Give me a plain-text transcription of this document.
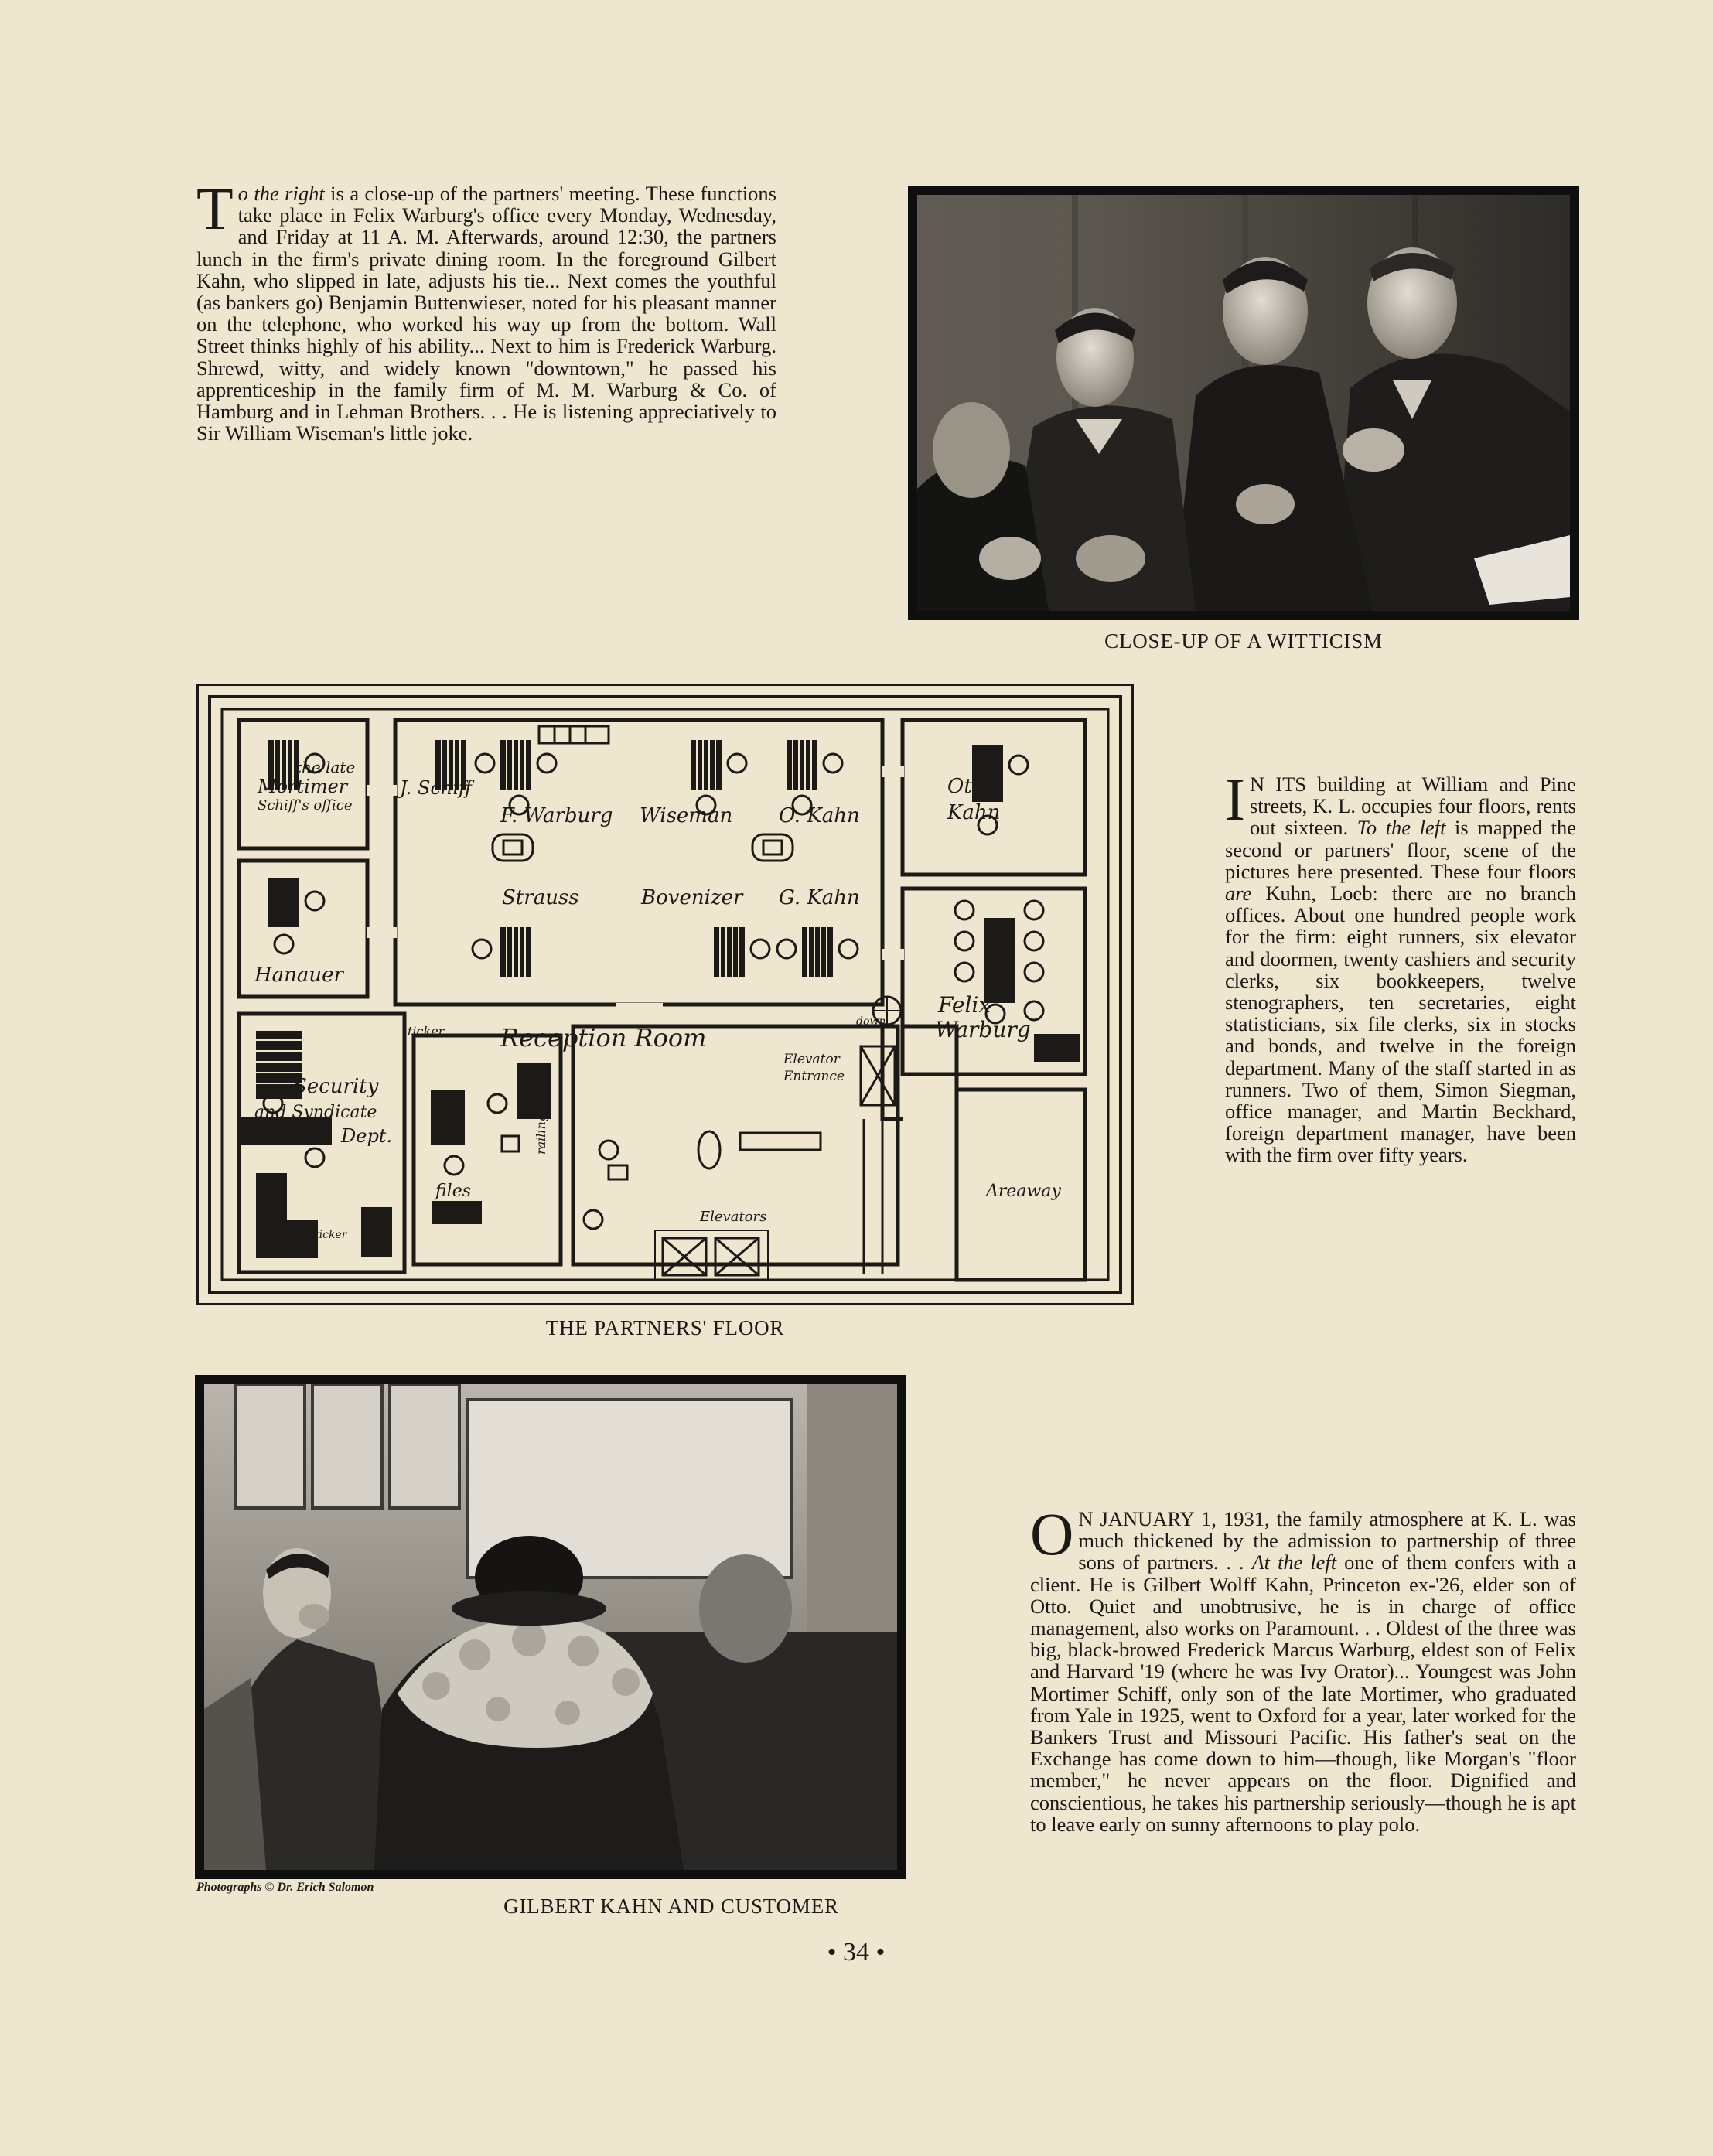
To the right is a close-up of the partners' meeting. These functions take place in Felix Warburg's office every Monday, Wednesday, and Friday at 11 A. M. Afterwards, around 12:30, the partners lunch in the firm's private dining room. In the foreground Gilbert Kahn, who slipped in late, adjusts his tie... Next comes the youthful (as bankers go) Benjamin Buttenwieser, noted for his pleasant manner on the telephone, who worked his way up from the bottom. Wall Street thinks highly of his ability... Next to him is Frederick Warburg. Shrewd, witty, and widely known "downtown," he passed his apprenticeship in the family firm of M. M. Warburg & Co. of Hamburg and in Lehman Brothers. . . He is listening appreciatively to Sir William Wiseman's little joke.

CLOSE-UP OF A WITTICISM
the late
Mortimer
Schiff's office
J. Schiff
F. Warburg Wiseman O. Kahn
Otto
Kahn
Strauss	Bovenizer G. Kahn
Hanauer
ticker Reception Room
down
Felix
Warburg
Elevator
Entrance
Security
and Syndicate
Dept.	railing
files
Elevators
Areaway
ticker
THE PARTNERS' FLOOR

I N ITS building at William and Pine streets, K. L. occupies four floors, rents out sixteen. To the left is mapped the second or partners' floor, scene of the pictures here presented. These four floors are Kuhn, Loeb: there are no branch offices. About one hundred people work for the firm: eight runners, six elevator and doormen, twenty cashiers and security clerks, six bookkeepers, twelve stenographers, ten secretaries, eight statisticians, six file clerks, six in stocks and bonds, and twelve in the foreign department. Many of the staff started in as runners. Two of them, Simon Siegman, office manager, and Martin Beckhard, foreign department manager, have been with the firm over fifty years.

Photographs © Dr. Erich Salomon
GILBERT KAHN AND CUSTOMER

O N JANUARY 1, 1931, the family atmosphere at K. L. was much thickened by the admission to partnership of three sons of partners. . . At the left one of them confers with a client. He is Gilbert Wolff Kahn, Princeton ex-'26, elder son of Otto. Quiet and unobtrusive, he is in charge of office management, also works on Paramount. . . Oldest of the three was big, black-browed Frederick Marcus Warburg, eldest son of Felix and Harvard '19 (where he was Ivy Orator)... Youngest was John Mortimer Schiff, only son of the late Mortimer, who graduated from Yale in 1925, went to Oxford for a year, later worked for the Bankers Trust and Missouri Pacific. His father's seat on the Exchange has come down to him—though, like Morgan's "floor member," he never appears on the floor. Dignified and conscientious, he takes his partnership seriously—though he is apt to leave early on sunny afternoons to play polo.

• 34 •
